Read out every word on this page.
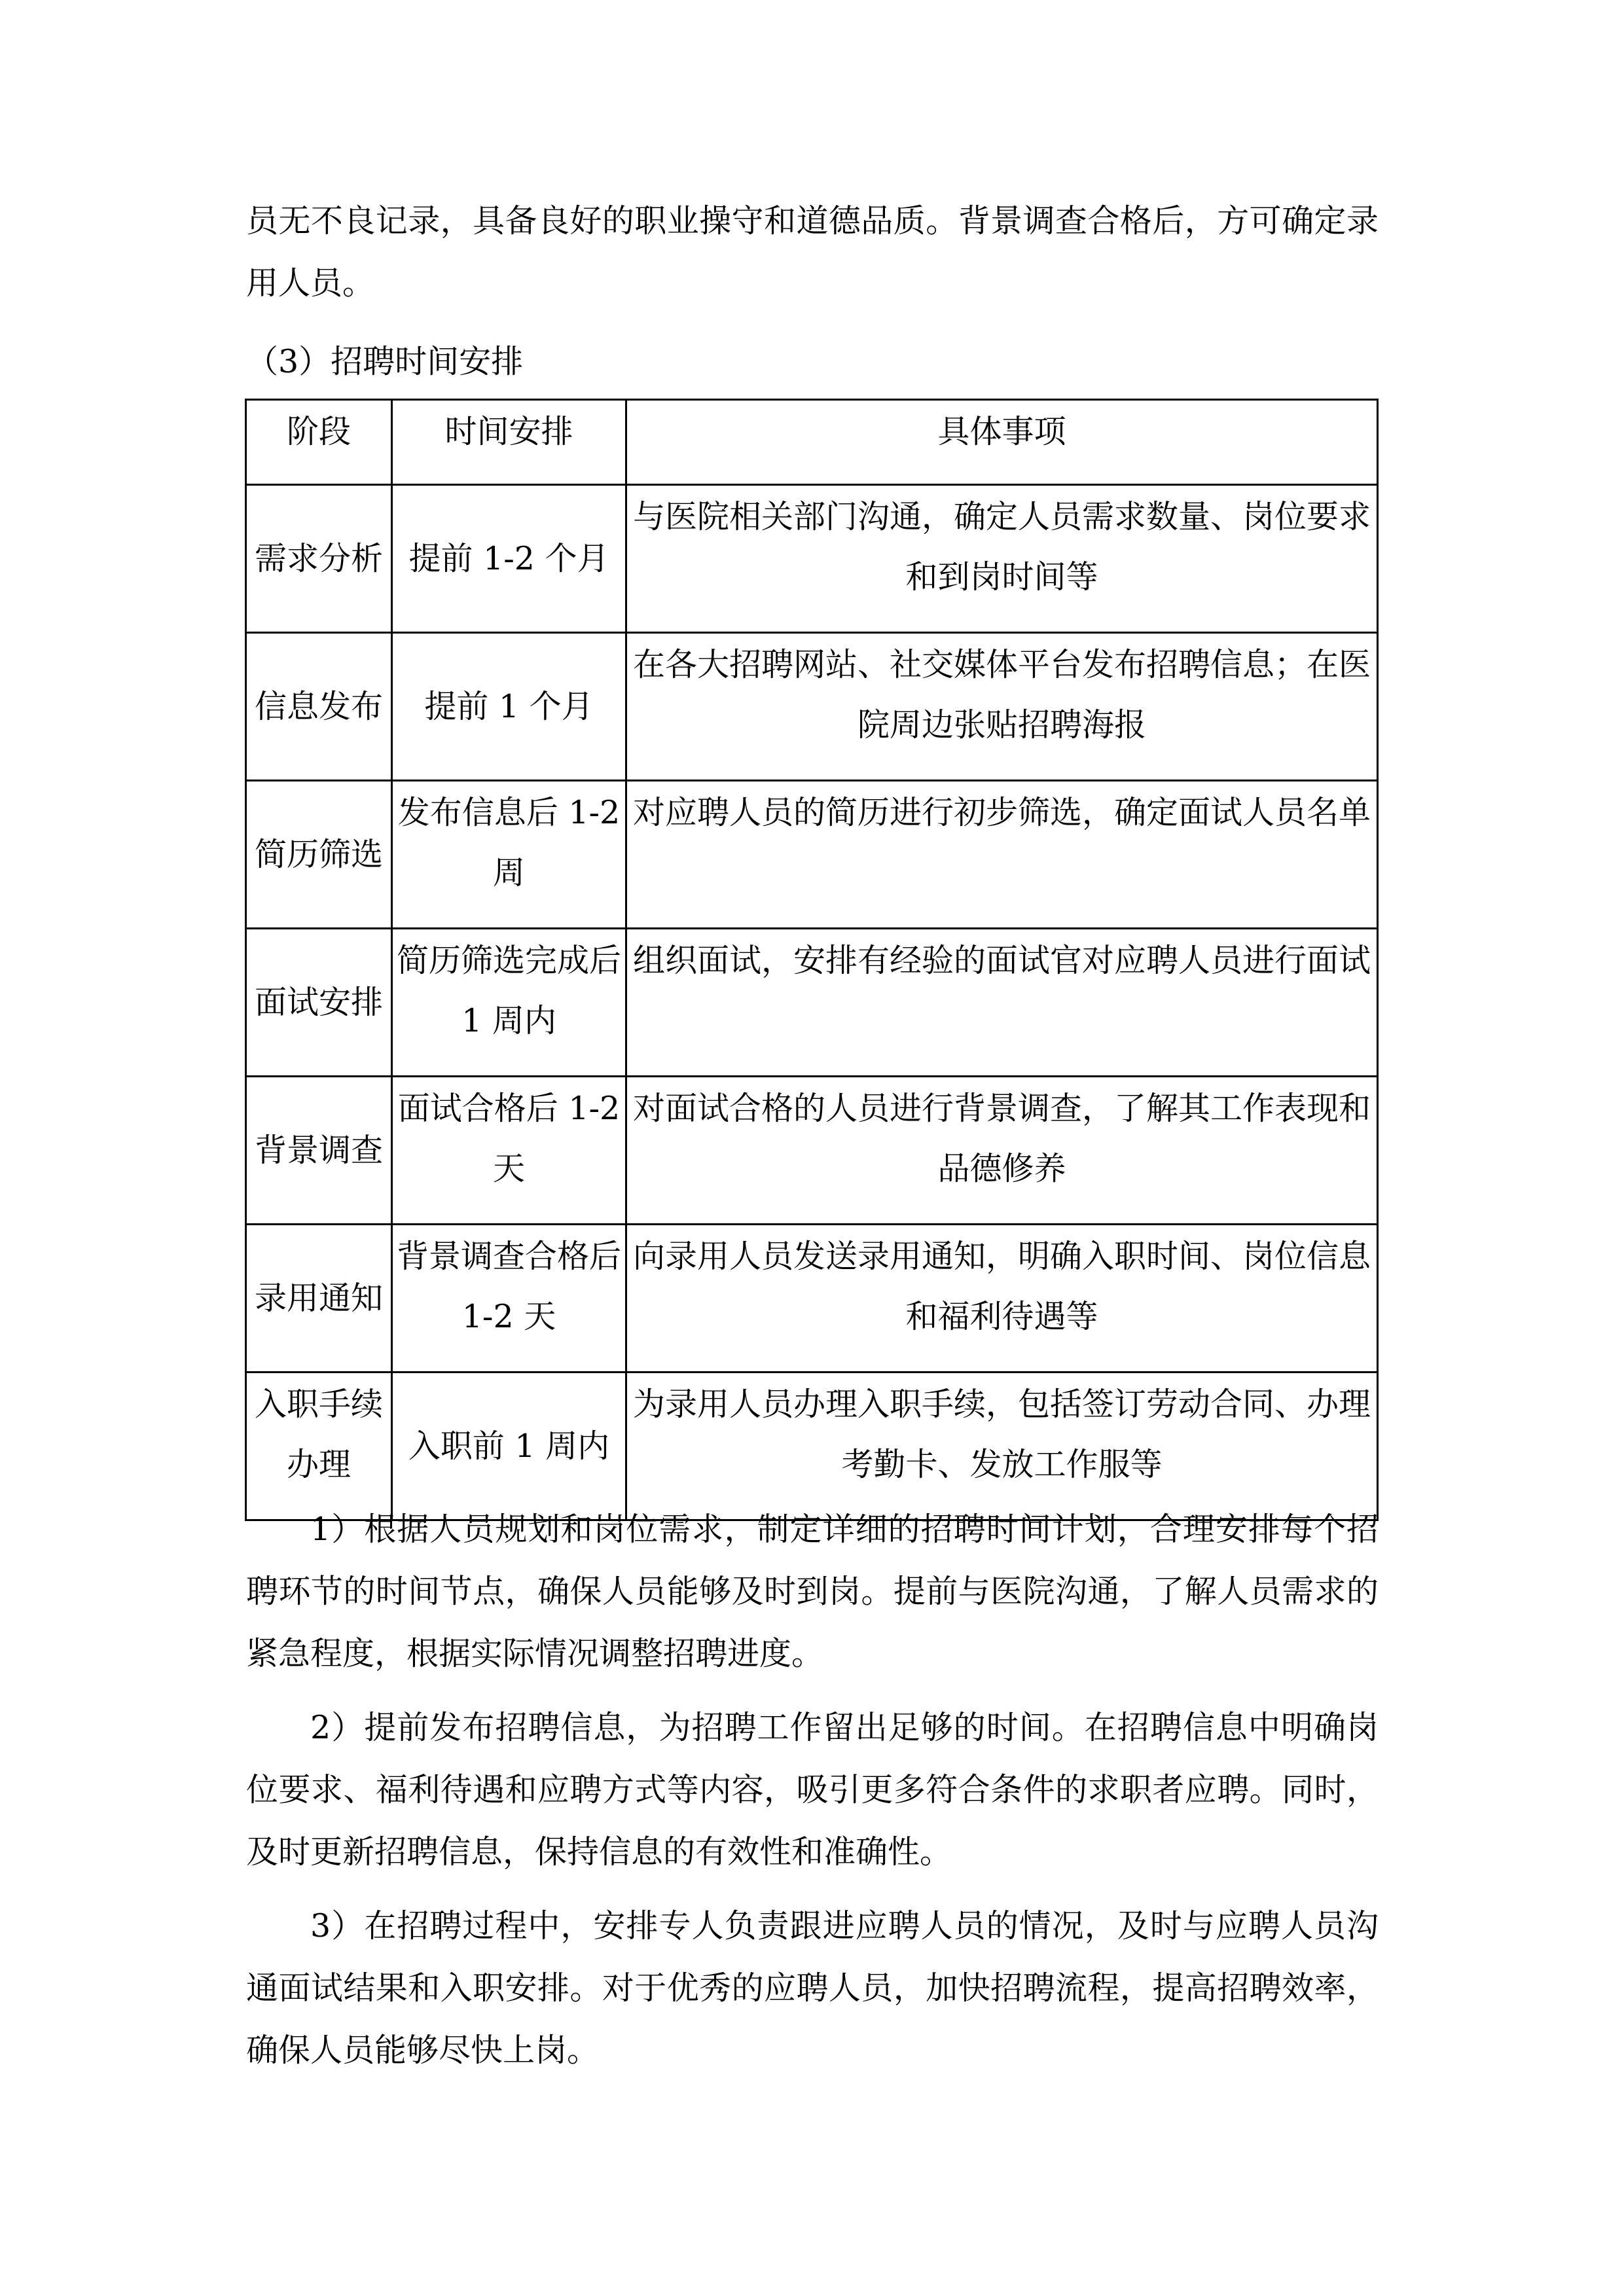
员无不良记录，具备良好的职业操守和道德品质。背景调查合格后，方可确定录用人员。

（3）招聘时间安排

阶段	时间安排	具体事项
需求分析	提前 1-2 个月	与医院相关部门沟通，确定人员需求数量、岗位要求和到岗时间等
信息发布	提前 1 个月	在各大招聘网站、社交媒体平台发布招聘信息；在医院周边张贴招聘海报
简历筛选	发布信息后 1-2 周	对应聘人员的简历进行初步筛选，确定面试人员名单
面试安排	简历筛选完成后 1 周内	组织面试，安排有经验的面试官对应聘人员进行面试
背景调查	面试合格后 1-2 天	对面试合格的人员进行背景调查，了解其工作表现和品德修养
录用通知	背景调查合格后 1-2 天	向录用人员发送录用通知，明确入职时间、岗位信息和福利待遇等
入职手续办理	入职前 1 周内	为录用人员办理入职手续，包括签订劳动合同、办理考勤卡、发放工作服等

1）根据人员规划和岗位需求，制定详细的招聘时间计划，合理安排每个招聘环节的时间节点，确保人员能够及时到岗。提前与医院沟通，了解人员需求的紧急程度，根据实际情况调整招聘进度。

2）提前发布招聘信息，为招聘工作留出足够的时间。在招聘信息中明确岗位要求、福利待遇和应聘方式等内容，吸引更多符合条件的求职者应聘。同时，及时更新招聘信息，保持信息的有效性和准确性。

3）在招聘过程中，安排专人负责跟进应聘人员的情况，及时与应聘人员沟通面试结果和入职安排。对于优秀的应聘人员，加快招聘流程，提高招聘效率，确保人员能够尽快上岗。
